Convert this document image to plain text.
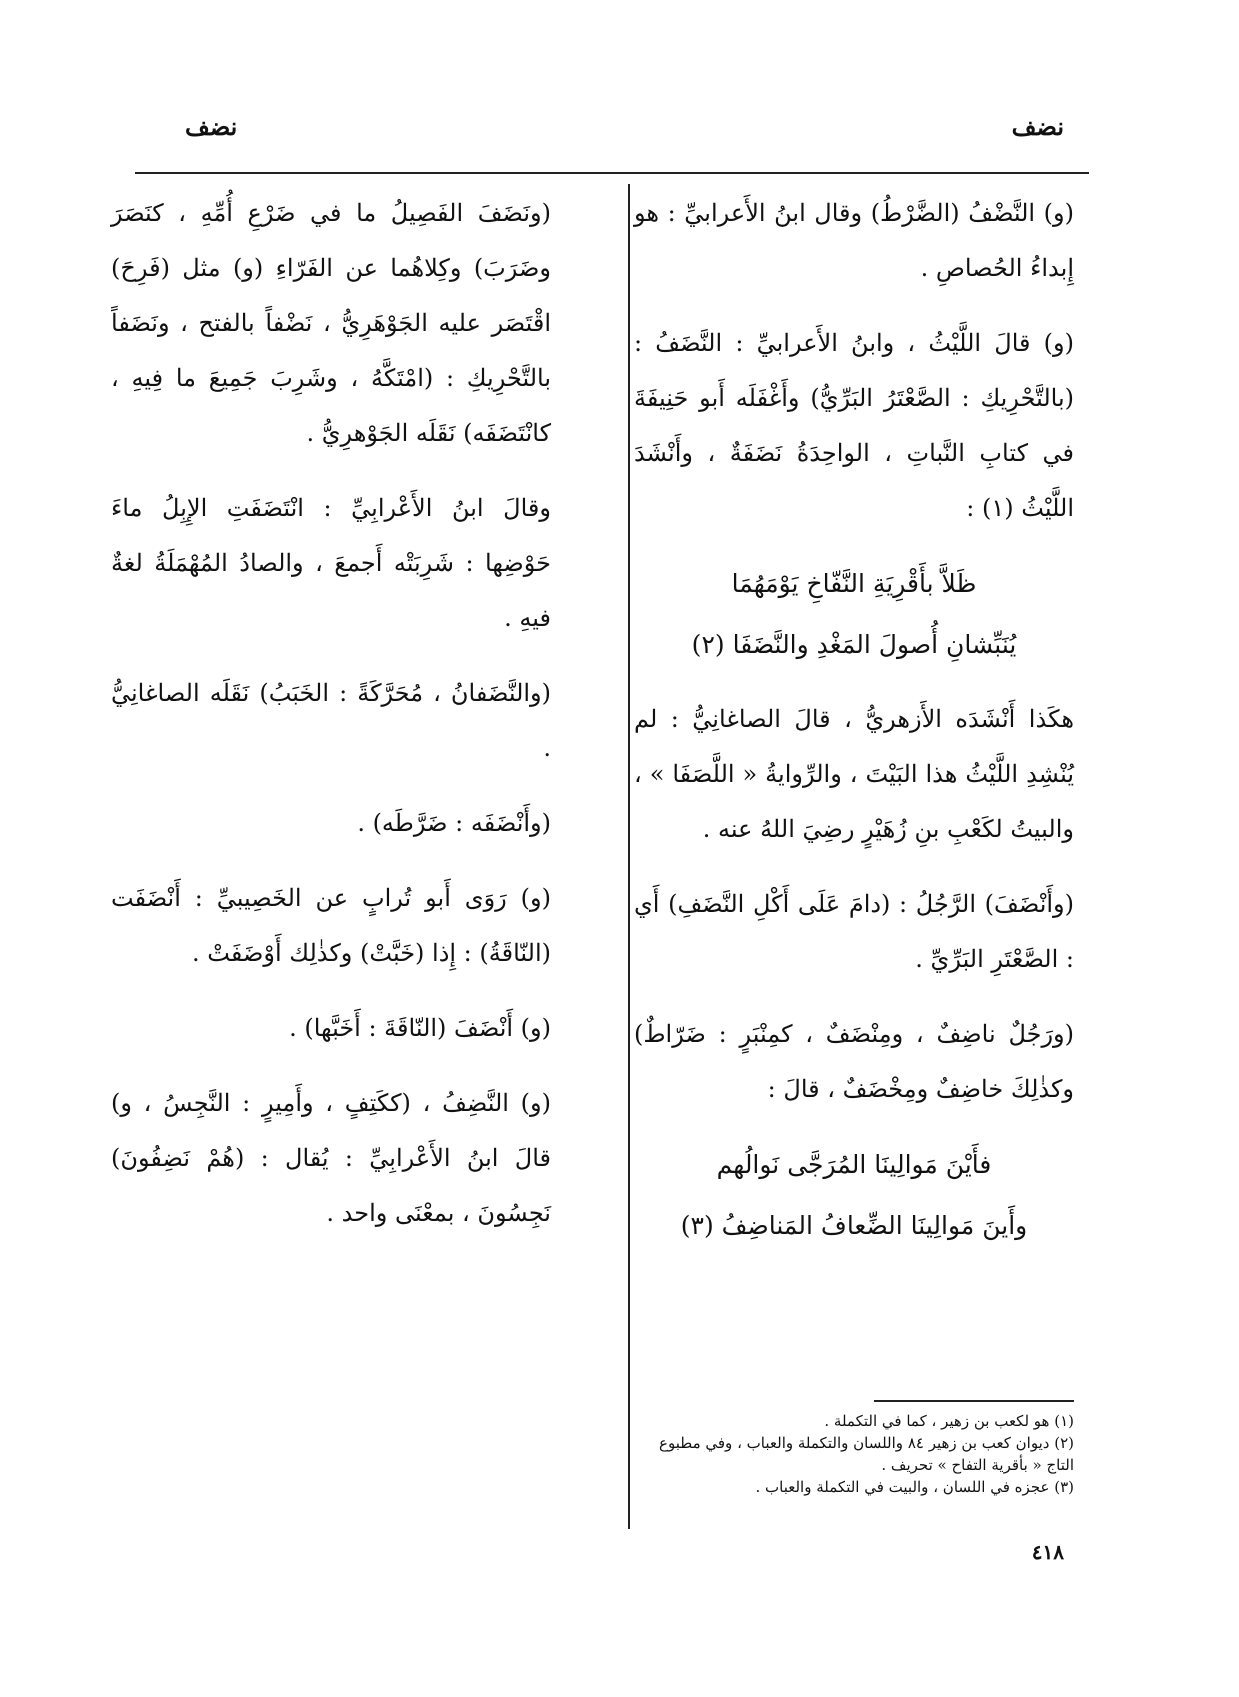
نضف
نضف

(و) النَّضْفُ (الضَّرْطُ) وقال ابنُ الأَعرابيِّ : هو إِبداءُ الحُصاصِ .

(و) قالَ اللَّيْثُ ، وابنُ الأَعرابيِّ : النَّضَفُ : (بالتَّحْرِيكِ : الصَّعْتَرُ البَرِّيُّ) وأَغْفَلَه أَبو حَنِيفَةَ في كتابِ النَّباتِ ، الواحِدَةُ نَضَفَةٌ ، وأَنْشَدَ اللَّيْثُ (١) :

ظَلاَّ بأَقْرِيَةِ النَّفّاخِ يَوْمَهُمَا

يُنَبِّشانِ أُصولَ المَغْدِ والنَّضَفَا (٢)

هكَذا أَنْشَدَه الأَزهريُّ ، قالَ الصاغانِيُّ : لم يُنْشِدِ اللَّيْثُ هذا البَيْتَ ، والرِّوايةُ « اللَّصَفَا » ، والبيتُ لكَعْبِ بنِ زُهَيْرٍ رضِيَ اللهُ عنه .

(وأَنْضَفَ) الرَّجُلُ : (دامَ عَلَى أَكْلِ النَّضَفِ) أَي : الصَّعْتَرِ البَرِّيِّ .

(ورَجُلٌ ناضِفٌ ، ومِنْضَفٌ ، كمِنْبَرٍ : ضَرّاطٌ) وكذٰلِكَ خاضِفٌ ومِخْضَفٌ ، قالَ :

فأَيْنَ مَوالِينَا المُرَجَّى نَوالُهم

وأَينَ مَوالِينَا الضِّعافُ المَناضِفُ (٣)

(ونَضَفَ الفَصِيلُ ما في ضَرْعِ أُمِّهِ ، كنَصَرَ وضَرَبَ) وكِلاهُما عن الفَرّاءِ (و) مثل (فَرِحَ) اقْتَصَر عليه الجَوْهَرِيُّ ، نَضْفاً بالفتح ، ونَضَفاً بالتَّحْرِيكِ : (امْتَكَّهُ ، وشَرِبَ جَمِيعَ ما فِيهِ ، كانْتَضَفَه) نَقَلَه الجَوْهرِيُّ .

وقالَ ابنُ الأَعْرابِيِّ : انْتَضَفَتِ الإِبِلُ ماءَ حَوْضِها : شَرِبَتْه أَجمعَ ، والصادُ المُهْمَلَةُ لغةٌ فيهِ .

(والنَّضَفانُ ، مُحَرَّكَةً : الخَبَبُ) نَقَلَه الصاغانِيُّ .

(وأَنْضَفَه : ضَرَّطَه) .

(و) رَوَى أَبو تُرابٍ عن الخَصِيبيِّ : أَنْضَفَت (النّاقَةُ) : إِذا (خَبَّتْ) وكذٰلِك أَوْضَفَتْ .

(و) أَنْضَفَ (النّاقَةَ : أَخَبَّها) .

(و) النَّضِفُ ، (ككَتِفٍ ، وأَمِيرٍ : النَّجِسُ ، و) قالَ ابنُ الأَعْرابِيِّ : يُقال : (هُمْ نَضِفُونَ) نَجِسُونَ ، بمعْنَى واحد .

(١) هو لكعب بن زهير ، كما في التكملة .

(٢) ديوان كعب بن زهير ٨٤ واللسان والتكملة والعباب ، وفي مطبوع التاج « بأقرية التفاح » تحريف .

(٣) عجزه في اللسان ، والبيت في التكملة والعباب .

٤١٨
